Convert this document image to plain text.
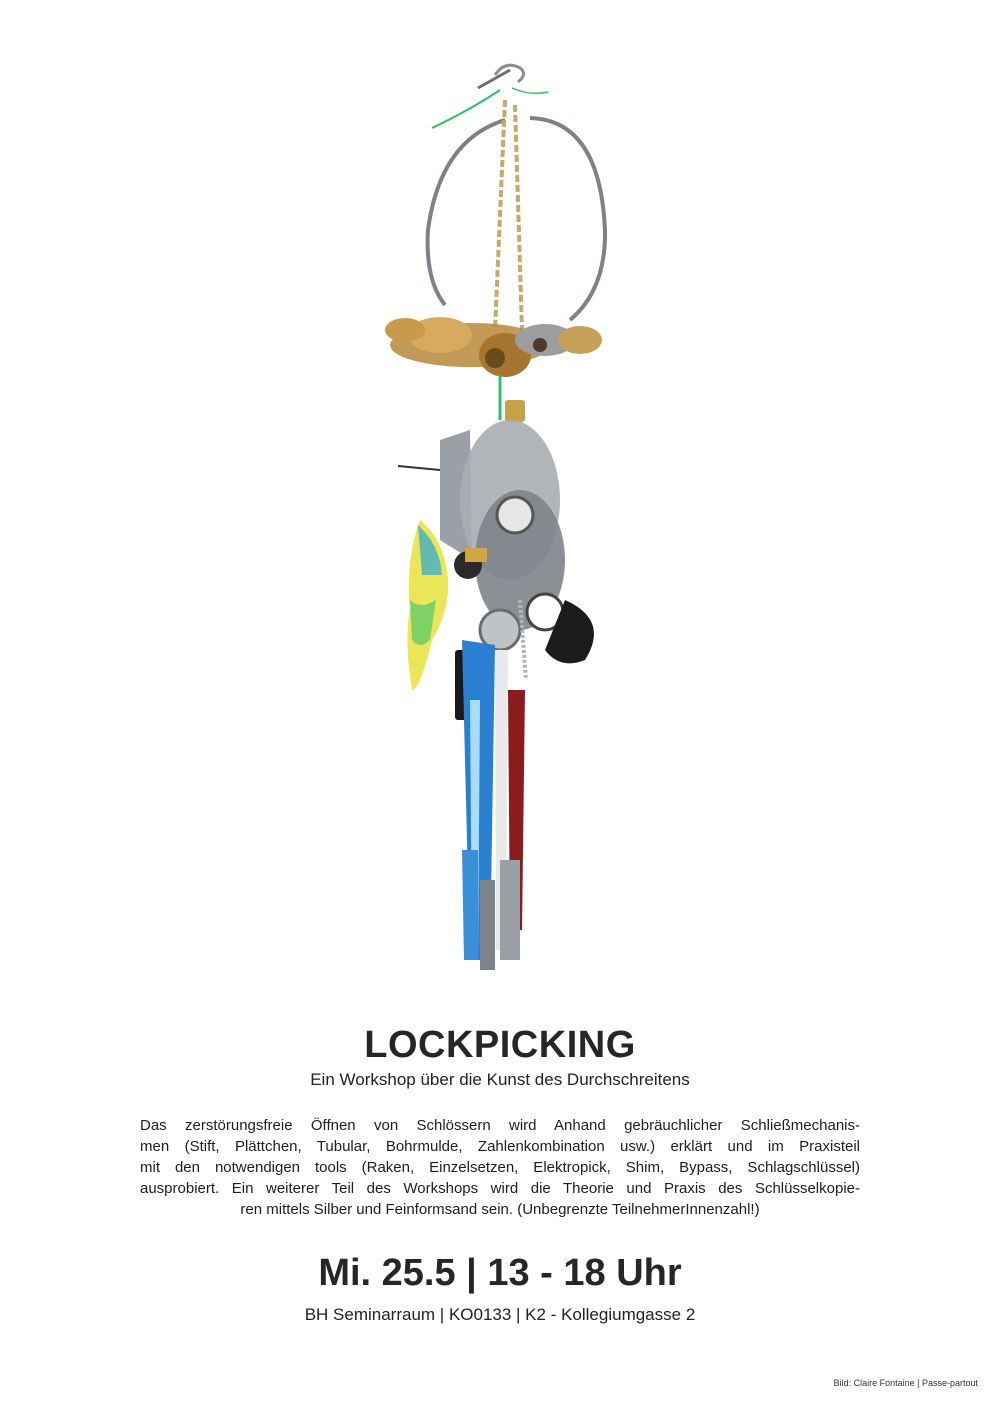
LOCKPICKING
Ein Workshop über die Kunst des Durchschreitens
Das zerstörungsfreie Öffnen von Schlössern wird Anhand gebräuchlicher Schließmechanis-
men (Stift, Plättchen, Tubular, Bohrmulde, Zahlenkombination usw.) erklärt und im Praxisteil
mit den notwendigen tools (Raken, Einzelsetzen, Elektropick, Shim, Bypass, Schlagschlüssel)
ausprobiert. Ein weiterer Teil des Workshops wird die Theorie und Praxis des Schlüsselkopie-
ren mittels Silber und Feinformsand sein. (Unbegrenzte TeilnehmerInnenzahl!)
Mi. 25.5 | 13 - 18 Uhr
BH Seminarraum | KO0133 | K2 - Kollegiumgasse 2
Bild: Claire Fontaine | Passe-partout
